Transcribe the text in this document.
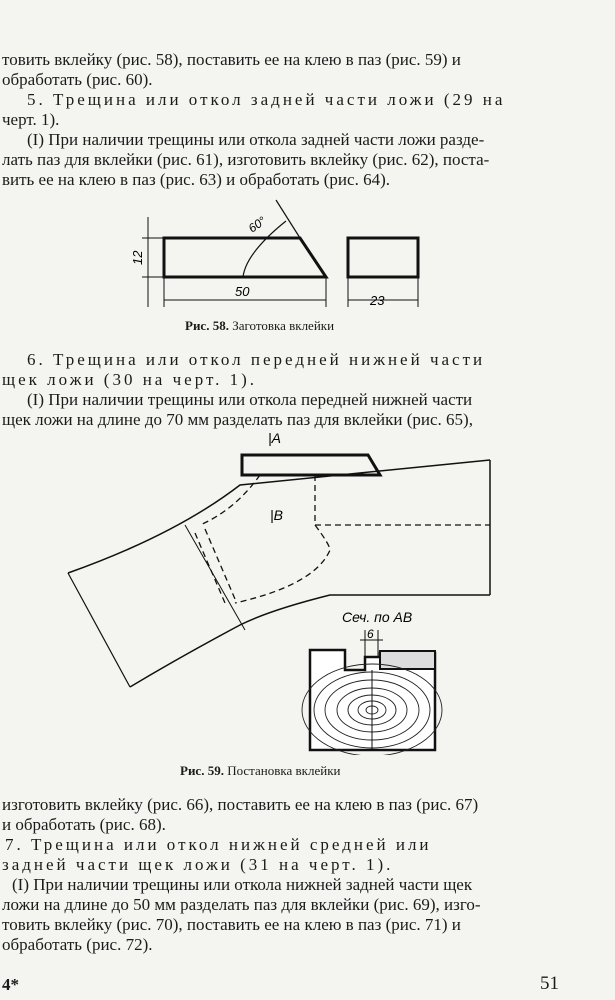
товить вклейку (рис. 58), поставить ее на клею в паз (рис. 59) и
обработать (рис. 60).
5. Трещина или откол задней части ложи (29 на
черт. 1).
(I) При наличии трещины или откола задней части ложи разде-
лать паз для вклейки (рис. 61), изготовить вклейку (рис. 62), поста-
вить ее на клею в паз (рис. 63) и обработать (рис. 64).
60°
12
50
23
Рис. 58. Заготовка вклейки
6. Трещина или откол передней нижней части
щек ложи (30 на черт. 1).
(I) При наличии трещины или откола передней нижней части
щек ложи на длине до 70 мм разделать паз для вклейки (рис. 65),
|А
|В
Сеч. по АВ
6
Рис. 59. Постановка вклейки
изготовить вклейку (рис. 66), поставить ее на клею в паз (рис. 67)
и обработать (рис. 68).
7. Трещина или откол нижней средней или
задней части щек ложи (31 на черт. 1).
(I) При наличии трещины или откола нижней задней части щек
ложи на длине до 50 мм разделать паз для вклейки (рис. 69), изго-
товить вклейку (рис. 70), поставить ее на клею в паз (рис. 71) и
обработать (рис. 72).
4*	51
